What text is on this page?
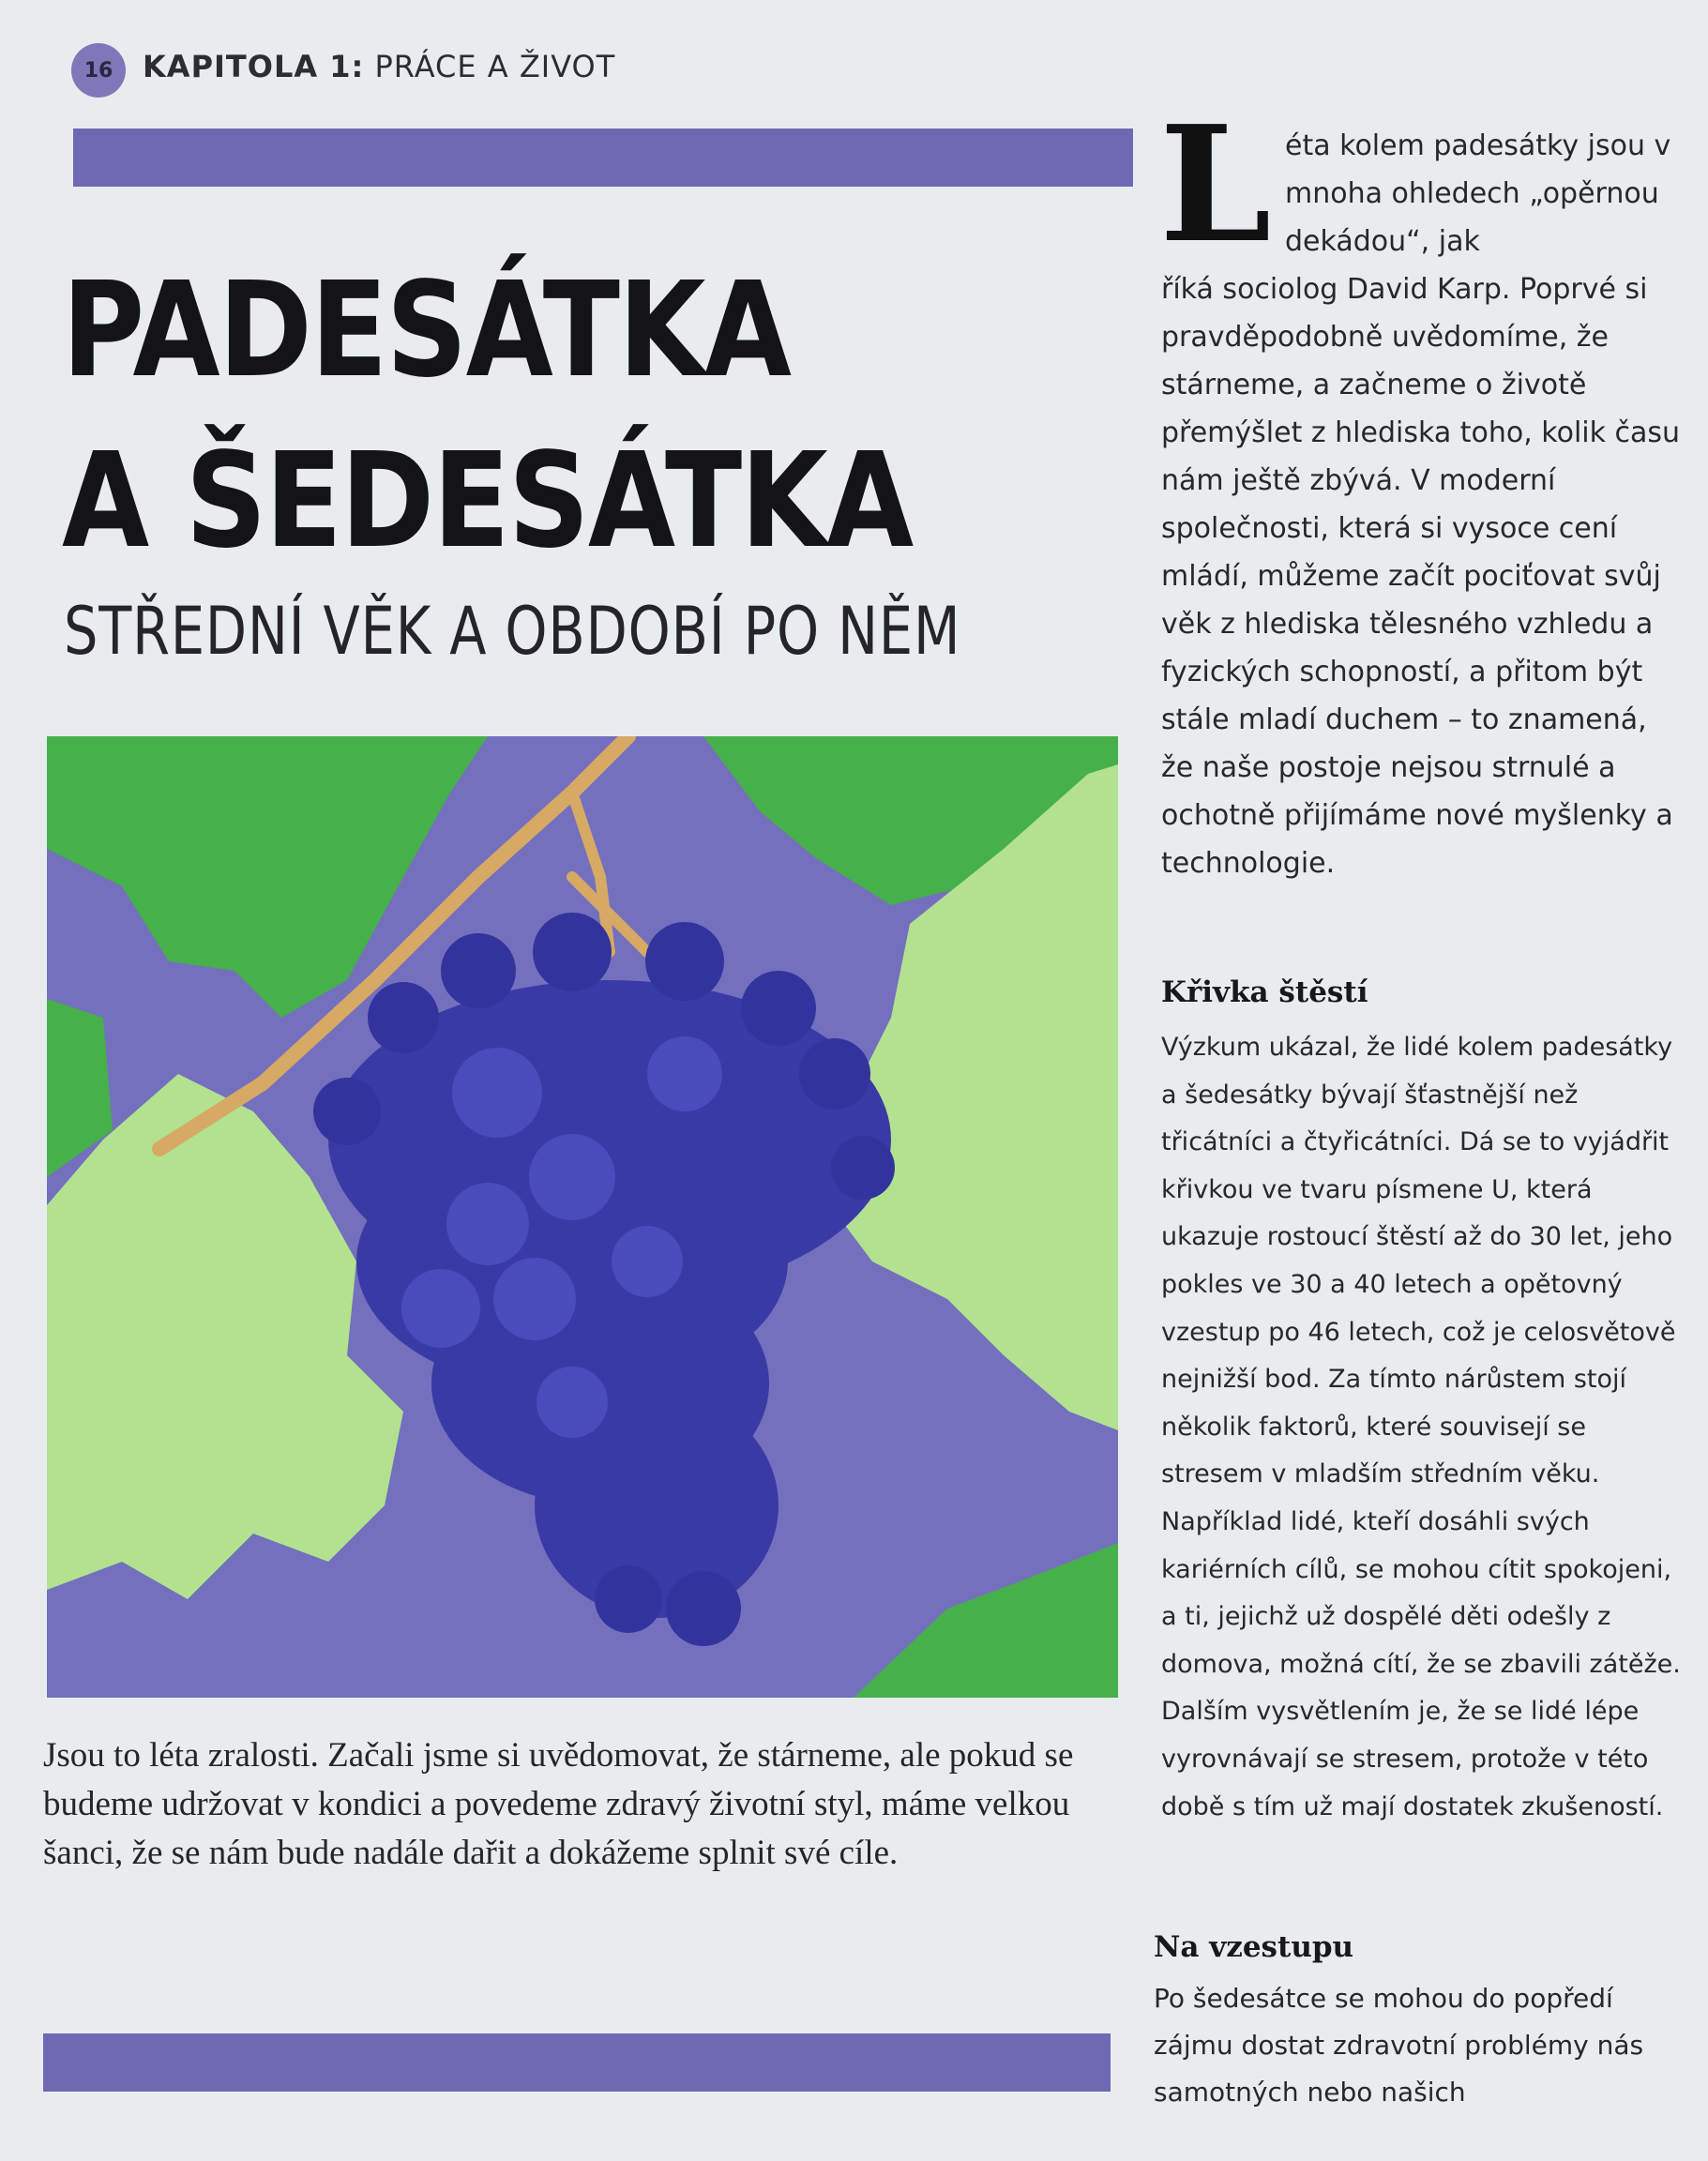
16 KAPITOLA 1: PRÁCE A ŽIVOT
PADESÁTKA
A ŠEDESÁTKA
STŘEDNÍ VĚK A OBDOBÍ PO NĚM

Jsou to léta zralosti. Začali jsme si uvědomovat, že stárneme, ale pokud se budeme udržovat v kondici a povedeme zdravý životní styl, máme velkou šanci, že se nám bude nadále dařit a dokážeme splnit své cíle.

L éta kolem padesátky jsou v mnoha ohledech „opěrnou dekádou“, jak

říká sociolog David Karp. Poprvé si pravděpodobně uvědomíme, že stárneme, a začneme o životě přemýšlet z hlediska toho, kolik času nám ještě zbývá. V moderní společnosti, která si vysoce cení mládí, můžeme začít pociťovat svůj věk z hlediska tělesného vzhledu a fyzických schopností, a přitom být stále mladí duchem – to znamená, že naše postoje nejsou strnulé a ochotně přijímáme nové myšlenky a technologie.

Křivka štěstí

Výzkum ukázal, že lidé kolem padesátky a šedesátky bývají šťastnější než třicátníci a čtyřicátníci. Dá se to vyjádřit křivkou ve tvaru písmene U, která ukazuje rostoucí štěstí až do 30 let, jeho pokles ve 30 a 40 letech a opětovný vzestup po 46 letech, což je celosvětově nejnižší bod. Za tímto nárůstem stojí několik faktorů, které souvisejí se stresem v mladším středním věku. Například lidé, kteří dosáhli svých kariérních cílů, se mohou cítit spokojeni, a ti, jejichž už dospělé děti odešly z domova, možná cítí, že se zbavili zátěže. Dalším vysvětlením je, že se lidé lépe vyrovnávají se stresem, protože v této době s tím už mají dostatek zkušeností.

Na vzestupu

Po šedesátce se mohou do popředí zájmu dostat zdravotní problémy nás samotných nebo našich
